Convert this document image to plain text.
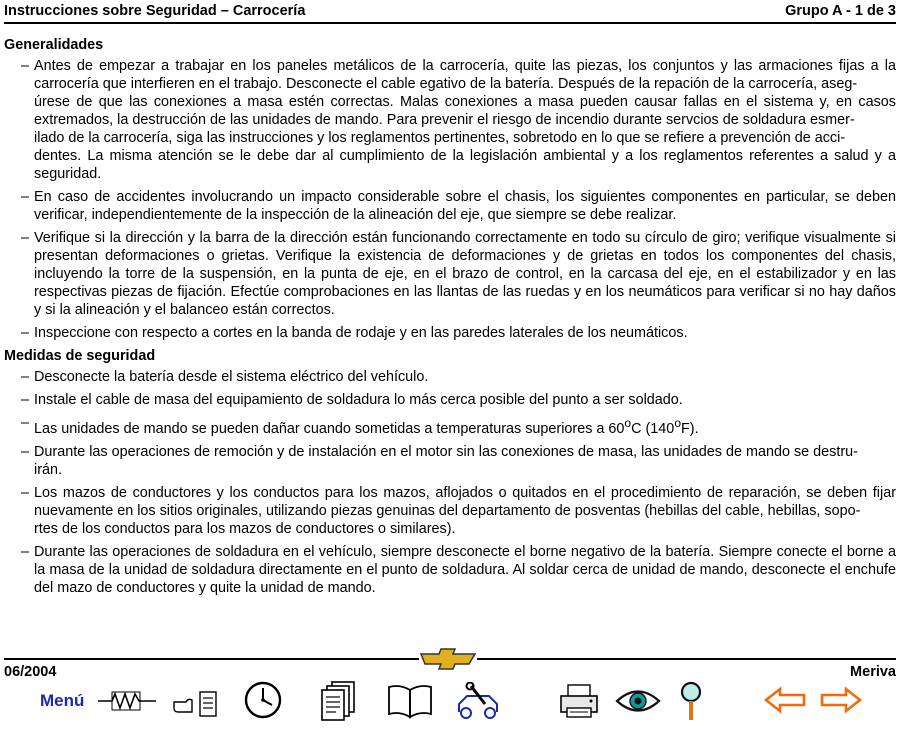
Instrucciones sobre Seguridad – Carrocería	Grupo A - 1 de 3
Generalidades
– Antes de empezar a trabajar en los paneles metálicos de la carrocería, quite las piezas, los conjuntos y las armaciones fijas a la carrocería que interfieren en el trabajo. Desconecte el cable egativo de la batería. Después de la repación de la carrocería, aseg-
úrese de que las conexiones a masa estén correctas. Malas conexiones a masa pueden causar fallas en el sistema y, en casos extremados, la destrucción de las unidades de mando. Para prevenir el riesgo de incendio durante servcios de soldadura esmer-
ilado de la carrocería, siga las instrucciones y los reglamentos pertinentes, sobretodo en lo que se refiere a prevención de acci-
dentes. La misma atención se le debe dar al cumplimiento de la legislación ambiental y a los reglamentos referentes a salud y a seguridad.
– En caso de accidentes involucrando un impacto considerable sobre el chasis, los siguientes componentes en particular, se deben verificar, independientemente de la inspección de la alineación del eje, que siempre se debe realizar.
– Verifique si la dirección y la barra de la dirección están funcionando correctamente en todo su círculo de giro; verifique visualmente si presentan deformaciones o grietas. Verifique la existencia de deformaciones y de grietas en todos los componentes del chasis, incluyendo la torre de la suspensión, en la punta de eje, en el brazo de control, en la carcasa del eje, en el estabilizador y en las respectivas piezas de fijación. Efectúe comprobaciones en las llantas de las ruedas y en los neumáticos para verificar si no hay daños y si la alineación y el balanceo están correctos.
– Inspeccione con respecto a cortes en la banda de rodaje y en las paredes laterales de los neumáticos.
Medidas de seguridad
– Desconecte la batería desde el sistema eléctrico del vehículo.
– Instale el cable de masa del equipamiento de soldadura lo más cerca posible del punto a ser soldado.
– Las unidades de mando se pueden dañar cuando sometidas a temperaturas superiores a 60$^o$C (140$^o$F).
– Durante las operaciones de remoción y de instalación en el motor sin las conexiones de masa, las unidades de mando se destru-
irán.
– Los mazos de conductores y los conductos para los mazos, aflojados o quitados en el procedimiento de reparación, se deben fijar nuevamente en los sitios originales, utilizando piezas genuinas del departamento de posventas (hebillas del cable, hebillas, sopo-
rtes de los conductos para los mazos de conductores o similares).
– Durante las operaciones de soldadura en el vehículo, siempre desconecte el borne negativo de la batería. Siempre conecte el borne a la masa de la unidad de soldadura directamente en el punto de soldadura. Al soldar cerca de unidad de mando, desconecte el enchufe del mazo de conductores y quite la unidad de mando.
06/2004	Meriva
Menú
